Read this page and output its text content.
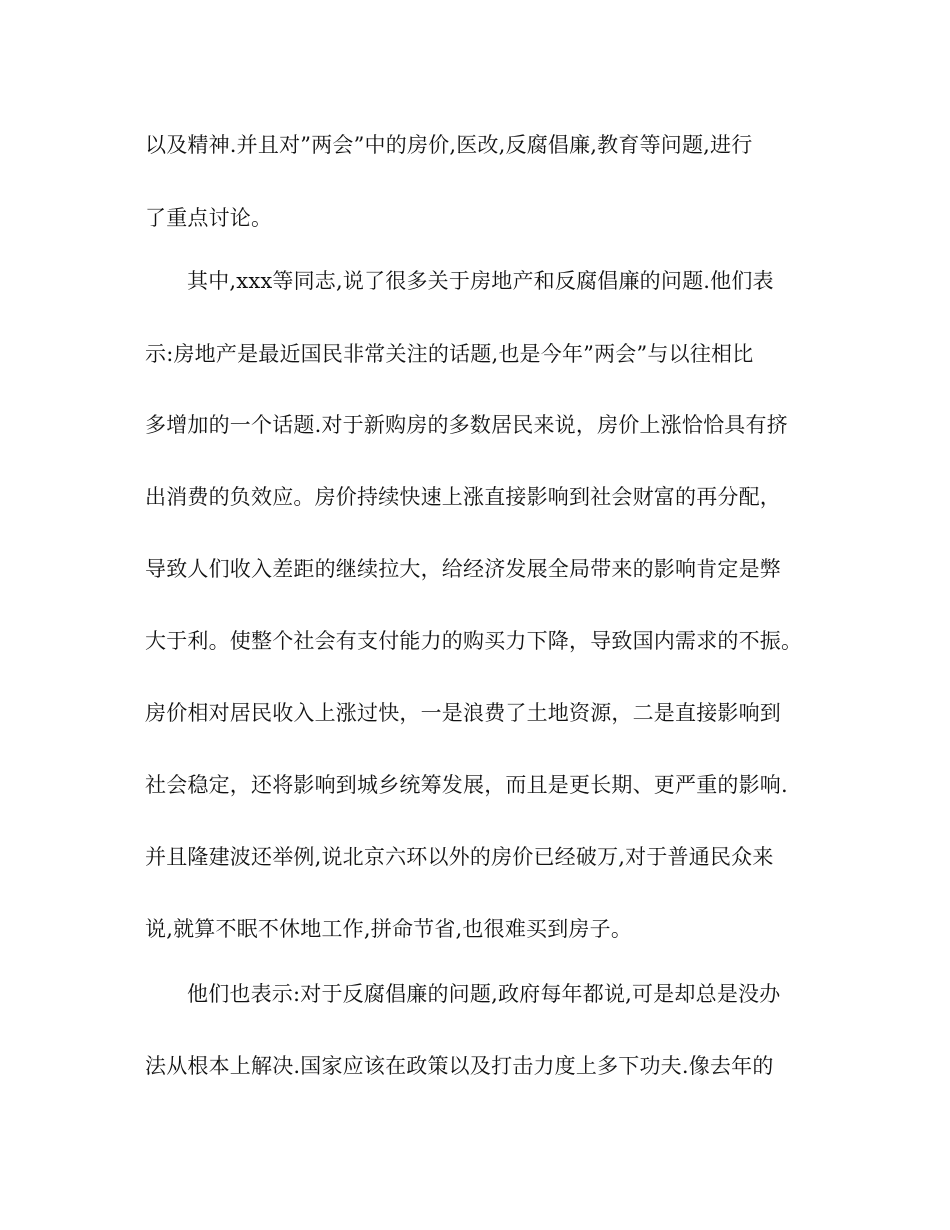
以及精神.并且对”两会”中的房价,医改,反腐倡廉,教育等问题,进行
了重点讨论。
其中,xxx等同志,说了很多关于房地产和反腐倡廉的问题.他们表
示:房地产是最近国民非常关注的话题,也是今年”两会”与以往相比
多增加的一个话题.对于新购房的多数居民来说，房价上涨恰恰具有挤
出消费的负效应。房价持续快速上涨直接影响到社会财富的再分配，
导致人们收入差距的继续拉大，给经济发展全局带来的影响肯定是弊
大于利。使整个社会有支付能力的购买力下降，导致国内需求的不振。
房价相对居民收入上涨过快，一是浪费了土地资源，二是直接影响到
社会稳定，还将影响到城乡统筹发展，而且是更长期、更严重的影响.
并且隆建波还举例,说北京六环以外的房价已经破万,对于普通民众来
说,就算不眠不休地工作,拼命节省,也很难买到房子。
他们也表示:对于反腐倡廉的问题,政府每年都说,可是却总是没办
法从根本上解决.国家应该在政策以及打击力度上多下功夫.像去年的
